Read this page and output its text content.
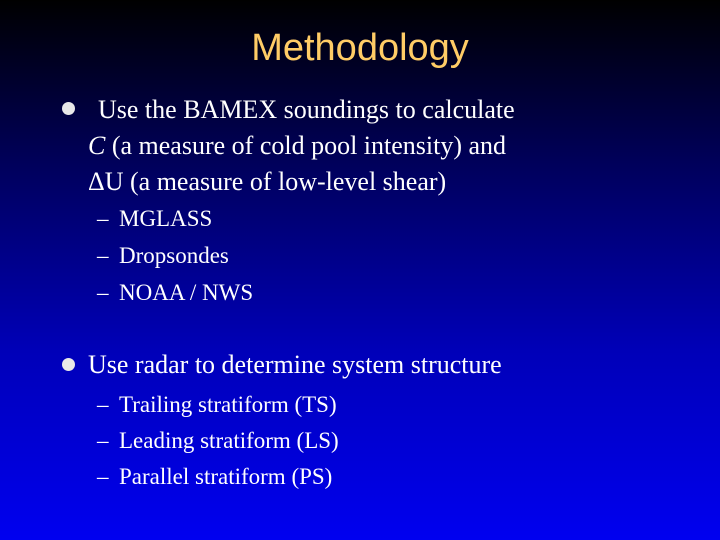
Methodology
Use the BAMEX soundings to calculate
C (a measure of cold pool intensity) and
ΔU (a measure of low-level shear)
– MGLASS
– Dropsondes
– NOAA / NWS
Use radar to determine system structure
– Trailing stratiform (TS)
– Leading stratiform (LS)
– Parallel stratiform (PS)
